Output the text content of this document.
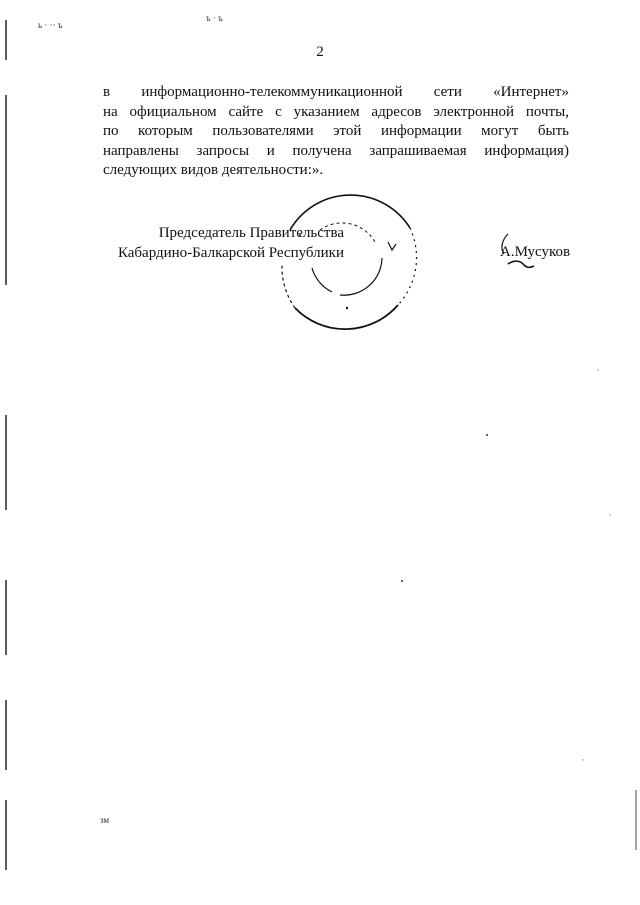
ь · ·· ъ
ъ · ъ
зм
2
в информационно-телекоммуникационной сети «Интернет»
на официальном сайте с указанием адресов электронной почты,
по которым пользователями этой информации могут быть
направлены запросы и получена запрашиваемая информация)
следующих видов деятельности:».
Председатель Правительства
Кабардино-Балкарской Республики	А.Мусуков
